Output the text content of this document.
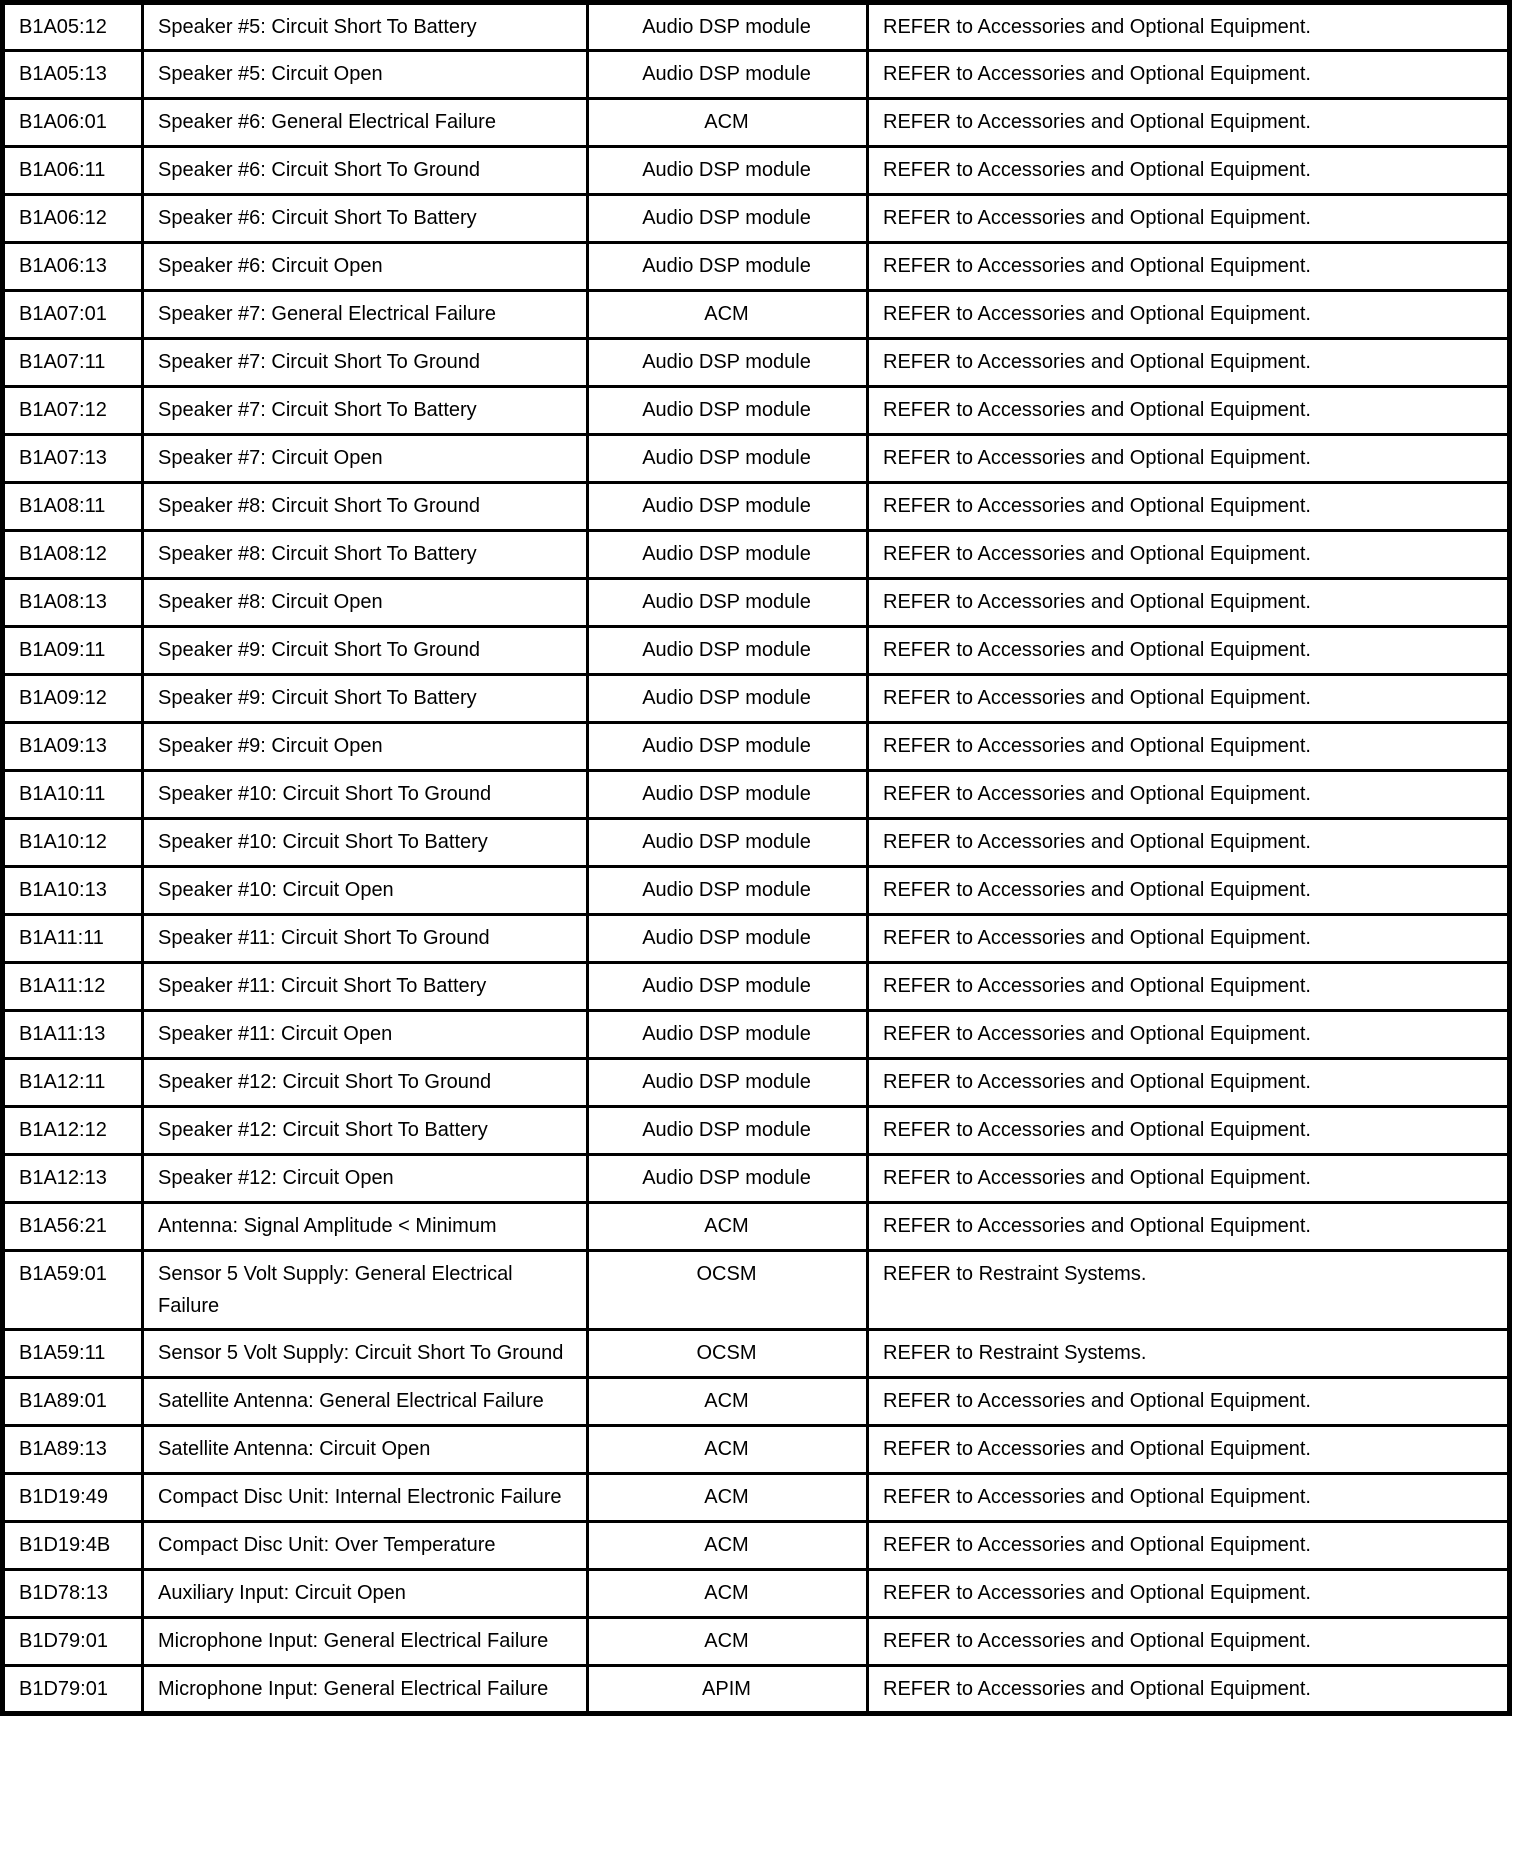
B1A05:12	Speaker #5: Circuit Short To Battery	Audio DSP module	REFER to Accessories and Optional Equipment.
B1A05:13	Speaker #5: Circuit Open	Audio DSP module	REFER to Accessories and Optional Equipment.
B1A06:01	Speaker #6: General Electrical Failure	ACM	REFER to Accessories and Optional Equipment.
B1A06:11	Speaker #6: Circuit Short To Ground	Audio DSP module	REFER to Accessories and Optional Equipment.
B1A06:12	Speaker #6: Circuit Short To Battery	Audio DSP module	REFER to Accessories and Optional Equipment.
B1A06:13	Speaker #6: Circuit Open	Audio DSP module	REFER to Accessories and Optional Equipment.
B1A07:01	Speaker #7: General Electrical Failure	ACM	REFER to Accessories and Optional Equipment.
B1A07:11	Speaker #7: Circuit Short To Ground	Audio DSP module	REFER to Accessories and Optional Equipment.
B1A07:12	Speaker #7: Circuit Short To Battery	Audio DSP module	REFER to Accessories and Optional Equipment.
B1A07:13	Speaker #7: Circuit Open	Audio DSP module	REFER to Accessories and Optional Equipment.
B1A08:11	Speaker #8: Circuit Short To Ground	Audio DSP module	REFER to Accessories and Optional Equipment.
B1A08:12	Speaker #8: Circuit Short To Battery	Audio DSP module	REFER to Accessories and Optional Equipment.
B1A08:13	Speaker #8: Circuit Open	Audio DSP module	REFER to Accessories and Optional Equipment.
B1A09:11	Speaker #9: Circuit Short To Ground	Audio DSP module	REFER to Accessories and Optional Equipment.
B1A09:12	Speaker #9: Circuit Short To Battery	Audio DSP module	REFER to Accessories and Optional Equipment.
B1A09:13	Speaker #9: Circuit Open	Audio DSP module	REFER to Accessories and Optional Equipment.
B1A10:11	Speaker #10: Circuit Short To Ground	Audio DSP module	REFER to Accessories and Optional Equipment.
B1A10:12	Speaker #10: Circuit Short To Battery	Audio DSP module	REFER to Accessories and Optional Equipment.
B1A10:13	Speaker #10: Circuit Open	Audio DSP module	REFER to Accessories and Optional Equipment.
B1A11:11	Speaker #11: Circuit Short To Ground	Audio DSP module	REFER to Accessories and Optional Equipment.
B1A11:12	Speaker #11: Circuit Short To Battery	Audio DSP module	REFER to Accessories and Optional Equipment.
B1A11:13	Speaker #11: Circuit Open	Audio DSP module	REFER to Accessories and Optional Equipment.
B1A12:11	Speaker #12: Circuit Short To Ground	Audio DSP module	REFER to Accessories and Optional Equipment.
B1A12:12	Speaker #12: Circuit Short To Battery	Audio DSP module	REFER to Accessories and Optional Equipment.
B1A12:13	Speaker #12: Circuit Open	Audio DSP module	REFER to Accessories and Optional Equipment.
B1A56:21	Antenna: Signal Amplitude < Minimum	ACM	REFER to Accessories and Optional Equipment.
B1A59:01	Sensor 5 Volt Supply: General Electrical Failure	OCSM	REFER to Restraint Systems.
B1A59:11	Sensor 5 Volt Supply: Circuit Short To Ground	OCSM	REFER to Restraint Systems.
B1A89:01	Satellite Antenna: General Electrical Failure	ACM	REFER to Accessories and Optional Equipment.
B1A89:13	Satellite Antenna: Circuit Open	ACM	REFER to Accessories and Optional Equipment.
B1D19:49	Compact Disc Unit: Internal Electronic Failure	ACM	REFER to Accessories and Optional Equipment.
B1D19:4B	Compact Disc Unit: Over Temperature	ACM	REFER to Accessories and Optional Equipment.
B1D78:13	Auxiliary Input: Circuit Open	ACM	REFER to Accessories and Optional Equipment.
B1D79:01	Microphone Input: General Electrical Failure	ACM	REFER to Accessories and Optional Equipment.
B1D79:01	Microphone Input: General Electrical Failure	APIM	REFER to Accessories and Optional Equipment.
